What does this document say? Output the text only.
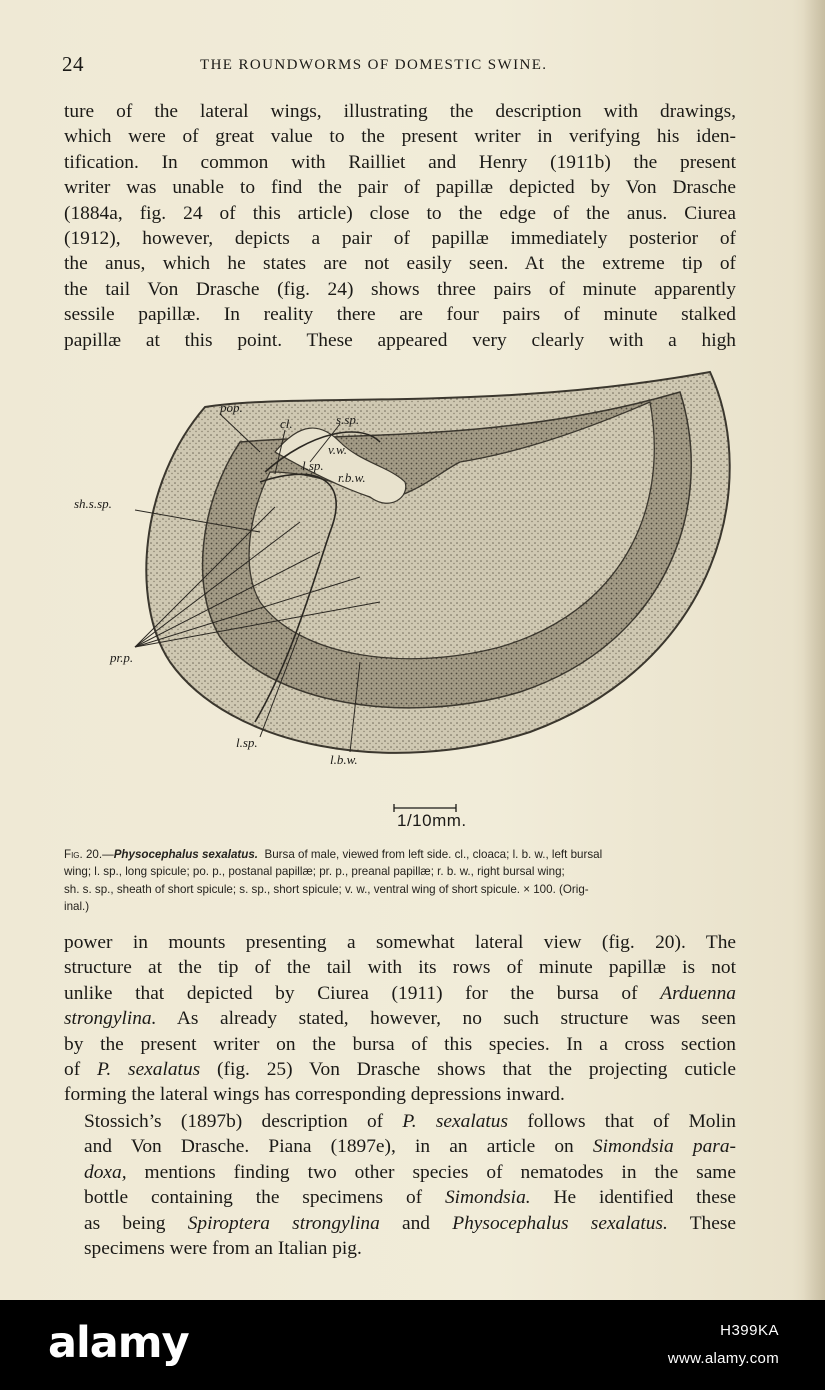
24	THE ROUNDWORMS OF DOMESTIC SWINE.
ture of the lateral wings, illustrating the description with drawings,
which were of great value to the present writer in verifying his iden-
tification. In common with Railliet and Henry (1911b) the present
writer was unable to find the pair of papillæ depicted by Von Drasche
(1884a, fig. 24 of this article) close to the edge of the anus. Ciurea
(1912), however, depicts a pair of papillæ immediately posterior of
the anus, which he states are not easily seen. At the extreme tip of
the tail Von Drasche (fig. 24) shows three pairs of minute apparently
sessile papillæ. In reality there are four pairs of minute stalked
papillæ at this point. These appeared very clearly with a high
pop.
cl.	s.sp.
v.w.
l.sp.
r.b.w.
sh.s.sp.
pr.p.
l.sp.
l.b.w.
1/10mm.
Fig. 20.—Physocephalus sexalatus. Bursa of male, viewed from left side. cl., cloaca; l. b. w., left bursal
wing; l. sp., long spicule; po. p., postanal papillæ; pr. p., preanal papillæ; r. b. w., right bursal wing;
sh. s. sp., sheath of short spicule; s. sp., short spicule; v. w., ventral wing of short spicule. × 100. (Orig-
inal.)
power in mounts presenting a somewhat lateral view (fig. 20). The
structure at the tip of the tail with its rows of minute papillæ is not
unlike that depicted by Ciurea (1911) for the bursa of Arduenna
strongylina. As already stated, however, no such structure was seen
by the present writer on the bursa of this species. In a cross section
of P. sexalatus (fig. 25) Von Drasche shows that the projecting cuticle
forming the lateral wings has corresponding depressions inward.
Stossich’s (1897b) description of P. sexalatus follows that of Molin
and Von Drasche. Piana (1897e), in an article on Simondsia para-
doxa, mentions finding two other species of nematodes in the same
bottle containing the specimens of Simondsia. He identified these
as being Spiroptera strongylina and Physocephalus sexalatus. These
specimens were from an Italian pig.
alamy	H399KA
www.alamy.com
